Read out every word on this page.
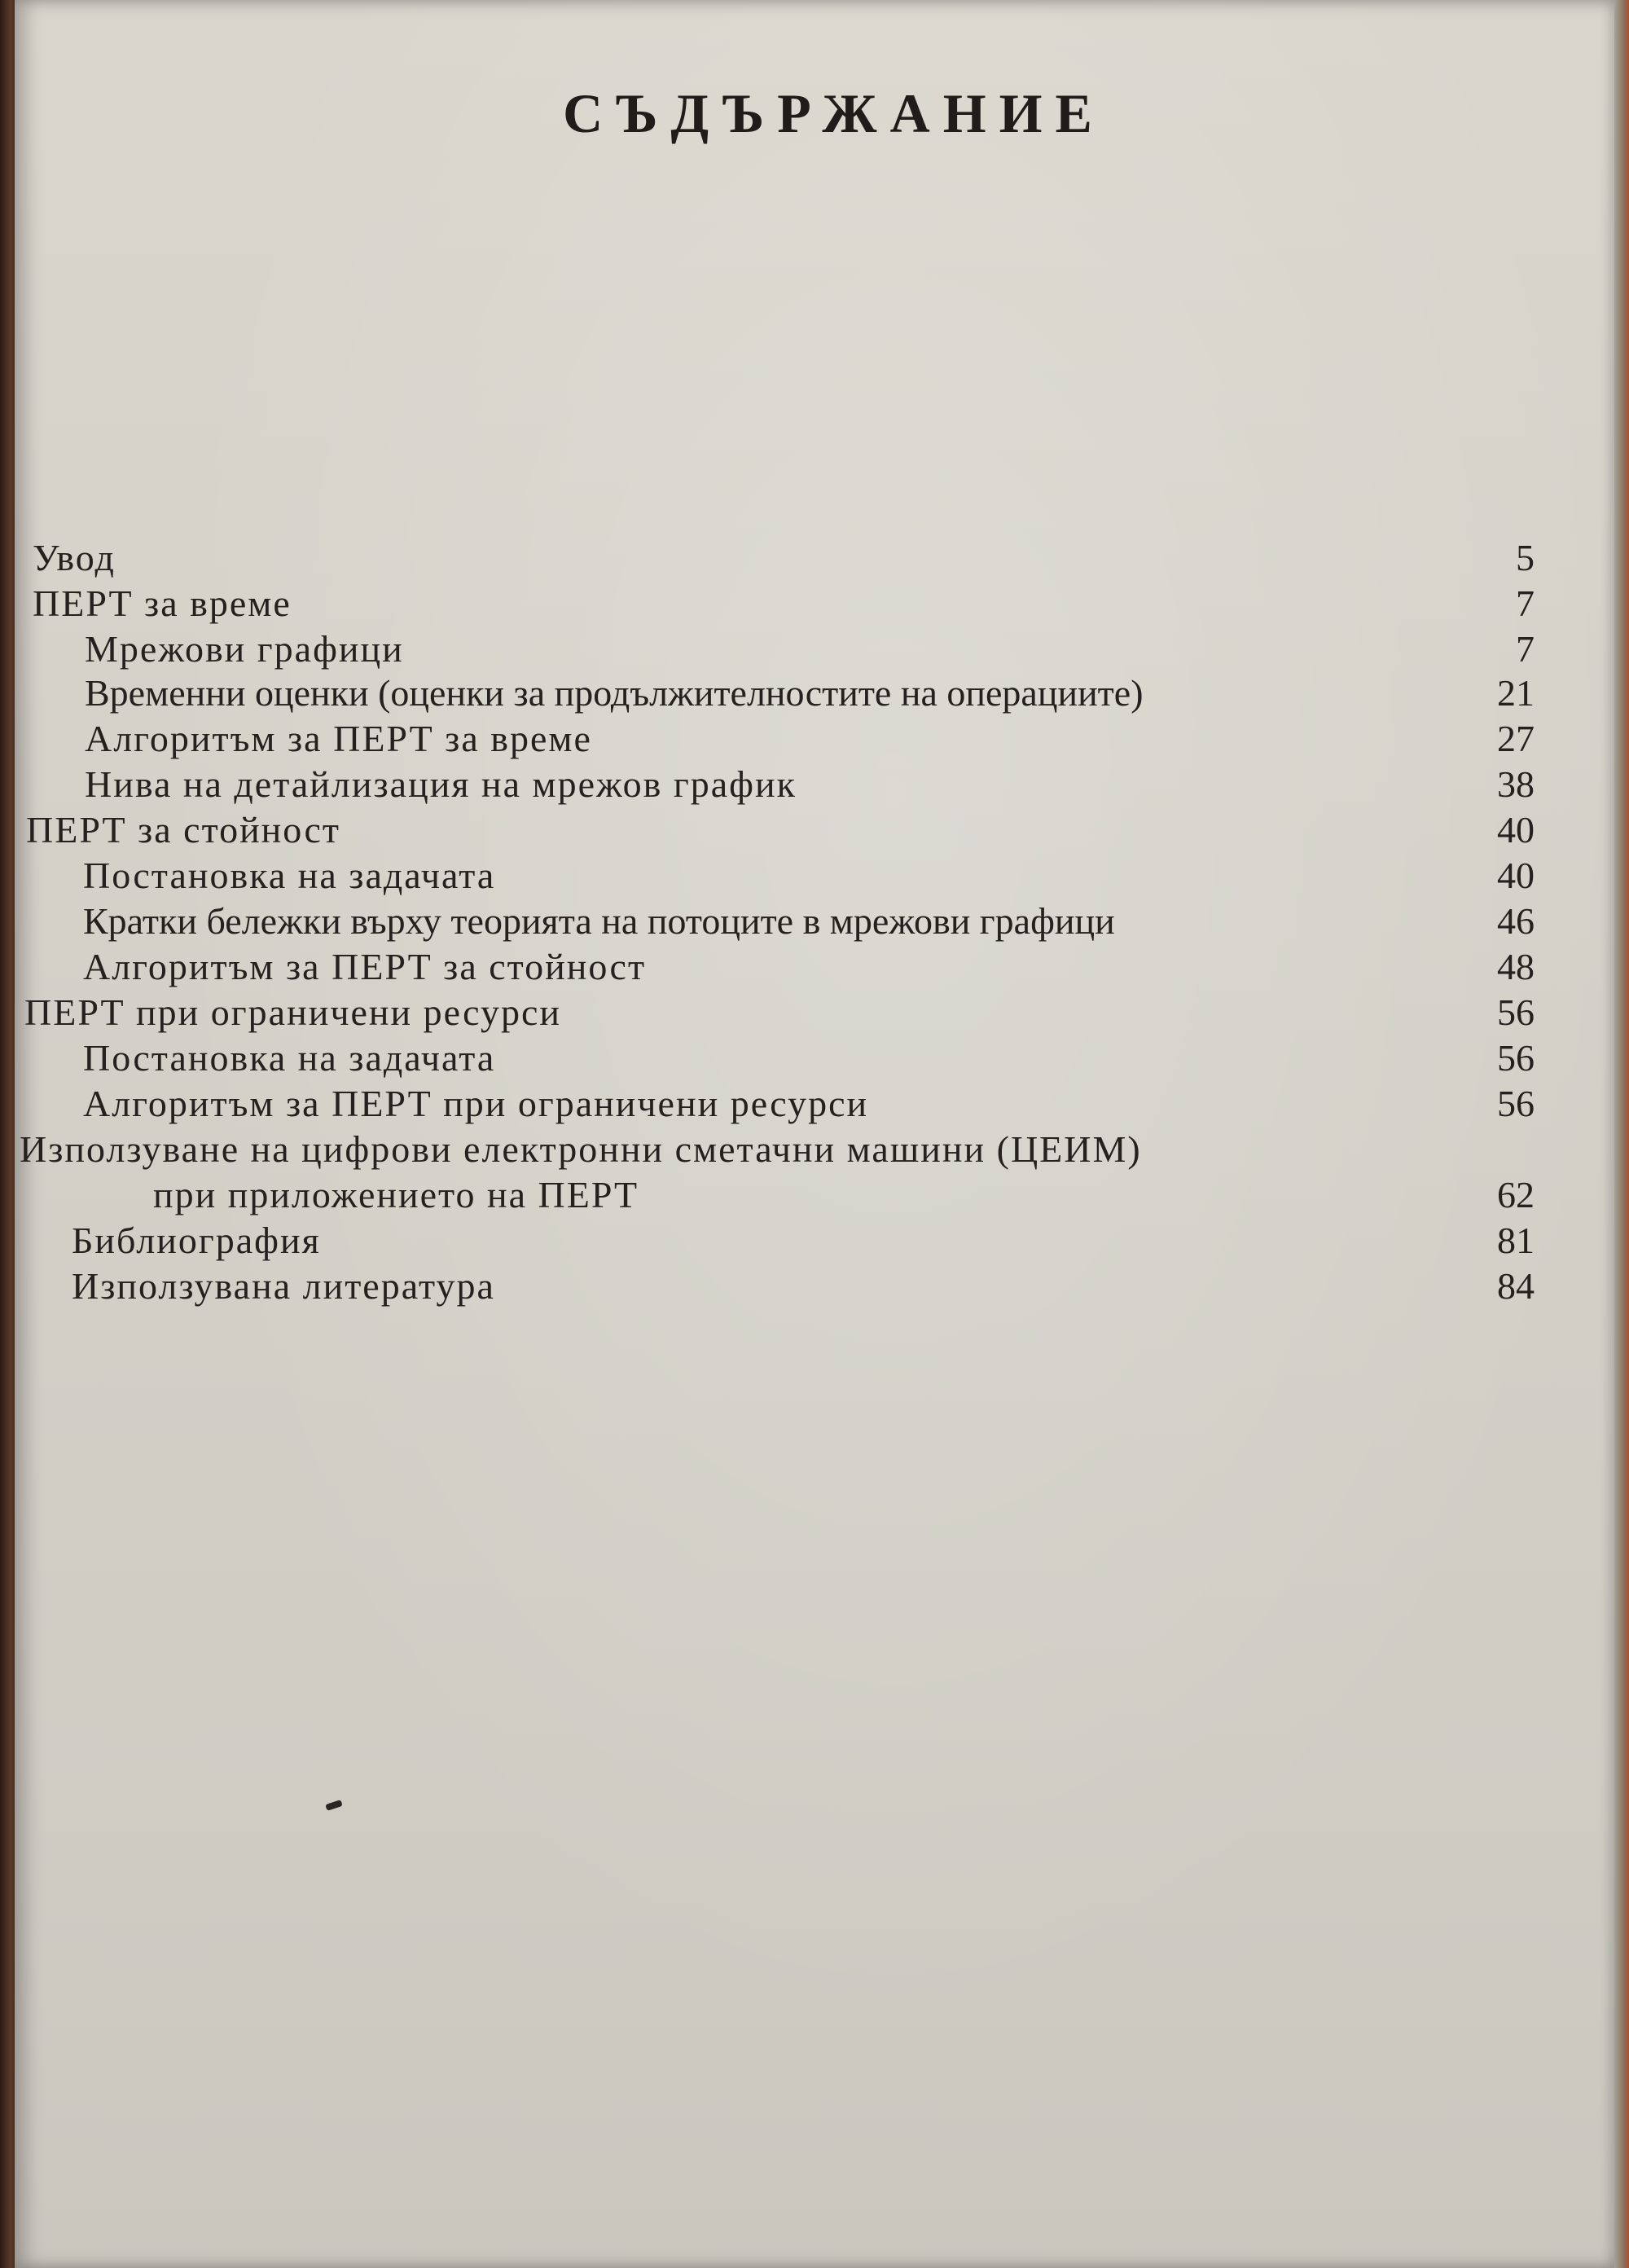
СЪДЪРЖАНИЕ
Увод	5
ПЕРТ за време	7
Мрежови графици	7
Временни оценки (оценки за продължителностите на операциите)	21
Алгоритъм за ПЕРТ за време	27
Нива на детайлизация на мрежов график	38
ПЕРТ за стойност	40
Постановка на задачата	40
Кратки бележки върху теорията на потоците в мрежови графици	46
Алгоритъм за ПЕРТ за стойност	48
ПЕРТ при ограничени ресурси	56
Постановка на задачата	56
Алгоритъм за ПЕРТ при ограничени ресурси	56
Използуване на цифрови електронни сметачни машини (ЦЕИМ)
при приложението на ПЕРТ	62
Библиография	81
Използувана литература	84
